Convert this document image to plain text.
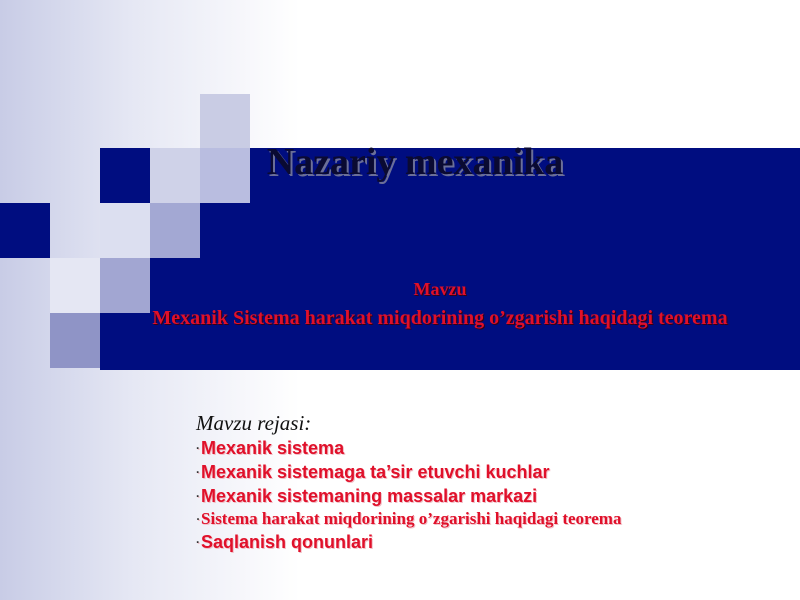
Nazariy mexanika
Mavzu
Mexanik Sistema harakat miqdorining o’zgarishi haqidagi teorema
Mavzu rejasi:
·Mexanik sistema
·Mexanik sistemaga ta’sir etuvchi kuchlar
·Mexanik sistemaning massalar markazi
·Sistema harakat miqdorining o’zgarishi haqidagi teorema
·Saqlanish qonunlari
